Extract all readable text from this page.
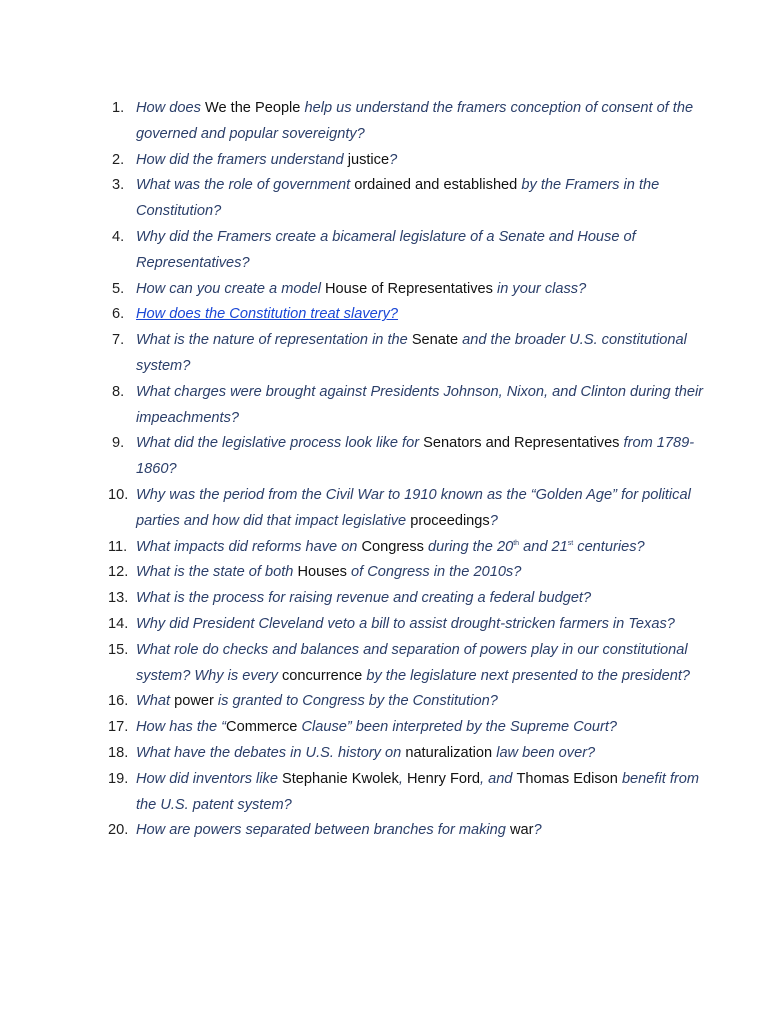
1. How does We the People help us understand the framers conception of consent of the governed and popular sovereignty?
2. How did the framers understand justice?
3. What was the role of government ordained and established by the Framers in the Constitution?
4. Why did the Framers create a bicameral legislature of a Senate and House of Representatives?
5. How can you create a model House of Representatives in your class?
6. How does the Constitution treat slavery?
7. What is the nature of representation in the Senate and the broader U.S. constitutional system?
8. What charges were brought against Presidents Johnson, Nixon, and Clinton during their impeachments?
9. What did the legislative process look like for Senators and Representatives from 1789-1860?
10. Why was the period from the Civil War to 1910 known as the “Golden Age” for political parties and how did that impact legislative proceedings?
11. What impacts did reforms have on Congress during the 20th and 21st centuries?
12. What is the state of both Houses of Congress in the 2010s?
13. What is the process for raising revenue and creating a federal budget?
14. Why did President Cleveland veto a bill to assist drought-stricken farmers in Texas?
15. What role do checks and balances and separation of powers play in our constitutional system? Why is every concurrence by the legislature next presented to the president?
16. What power is granted to Congress by the Constitution?
17. How has the “Commerce Clause” been interpreted by the Supreme Court?
18. What have the debates in U.S. history on naturalization law been over?
19. How did inventors like Stephanie Kwolek, Henry Ford, and Thomas Edison benefit from the U.S. patent system?
20. How are powers separated between branches for making war?
